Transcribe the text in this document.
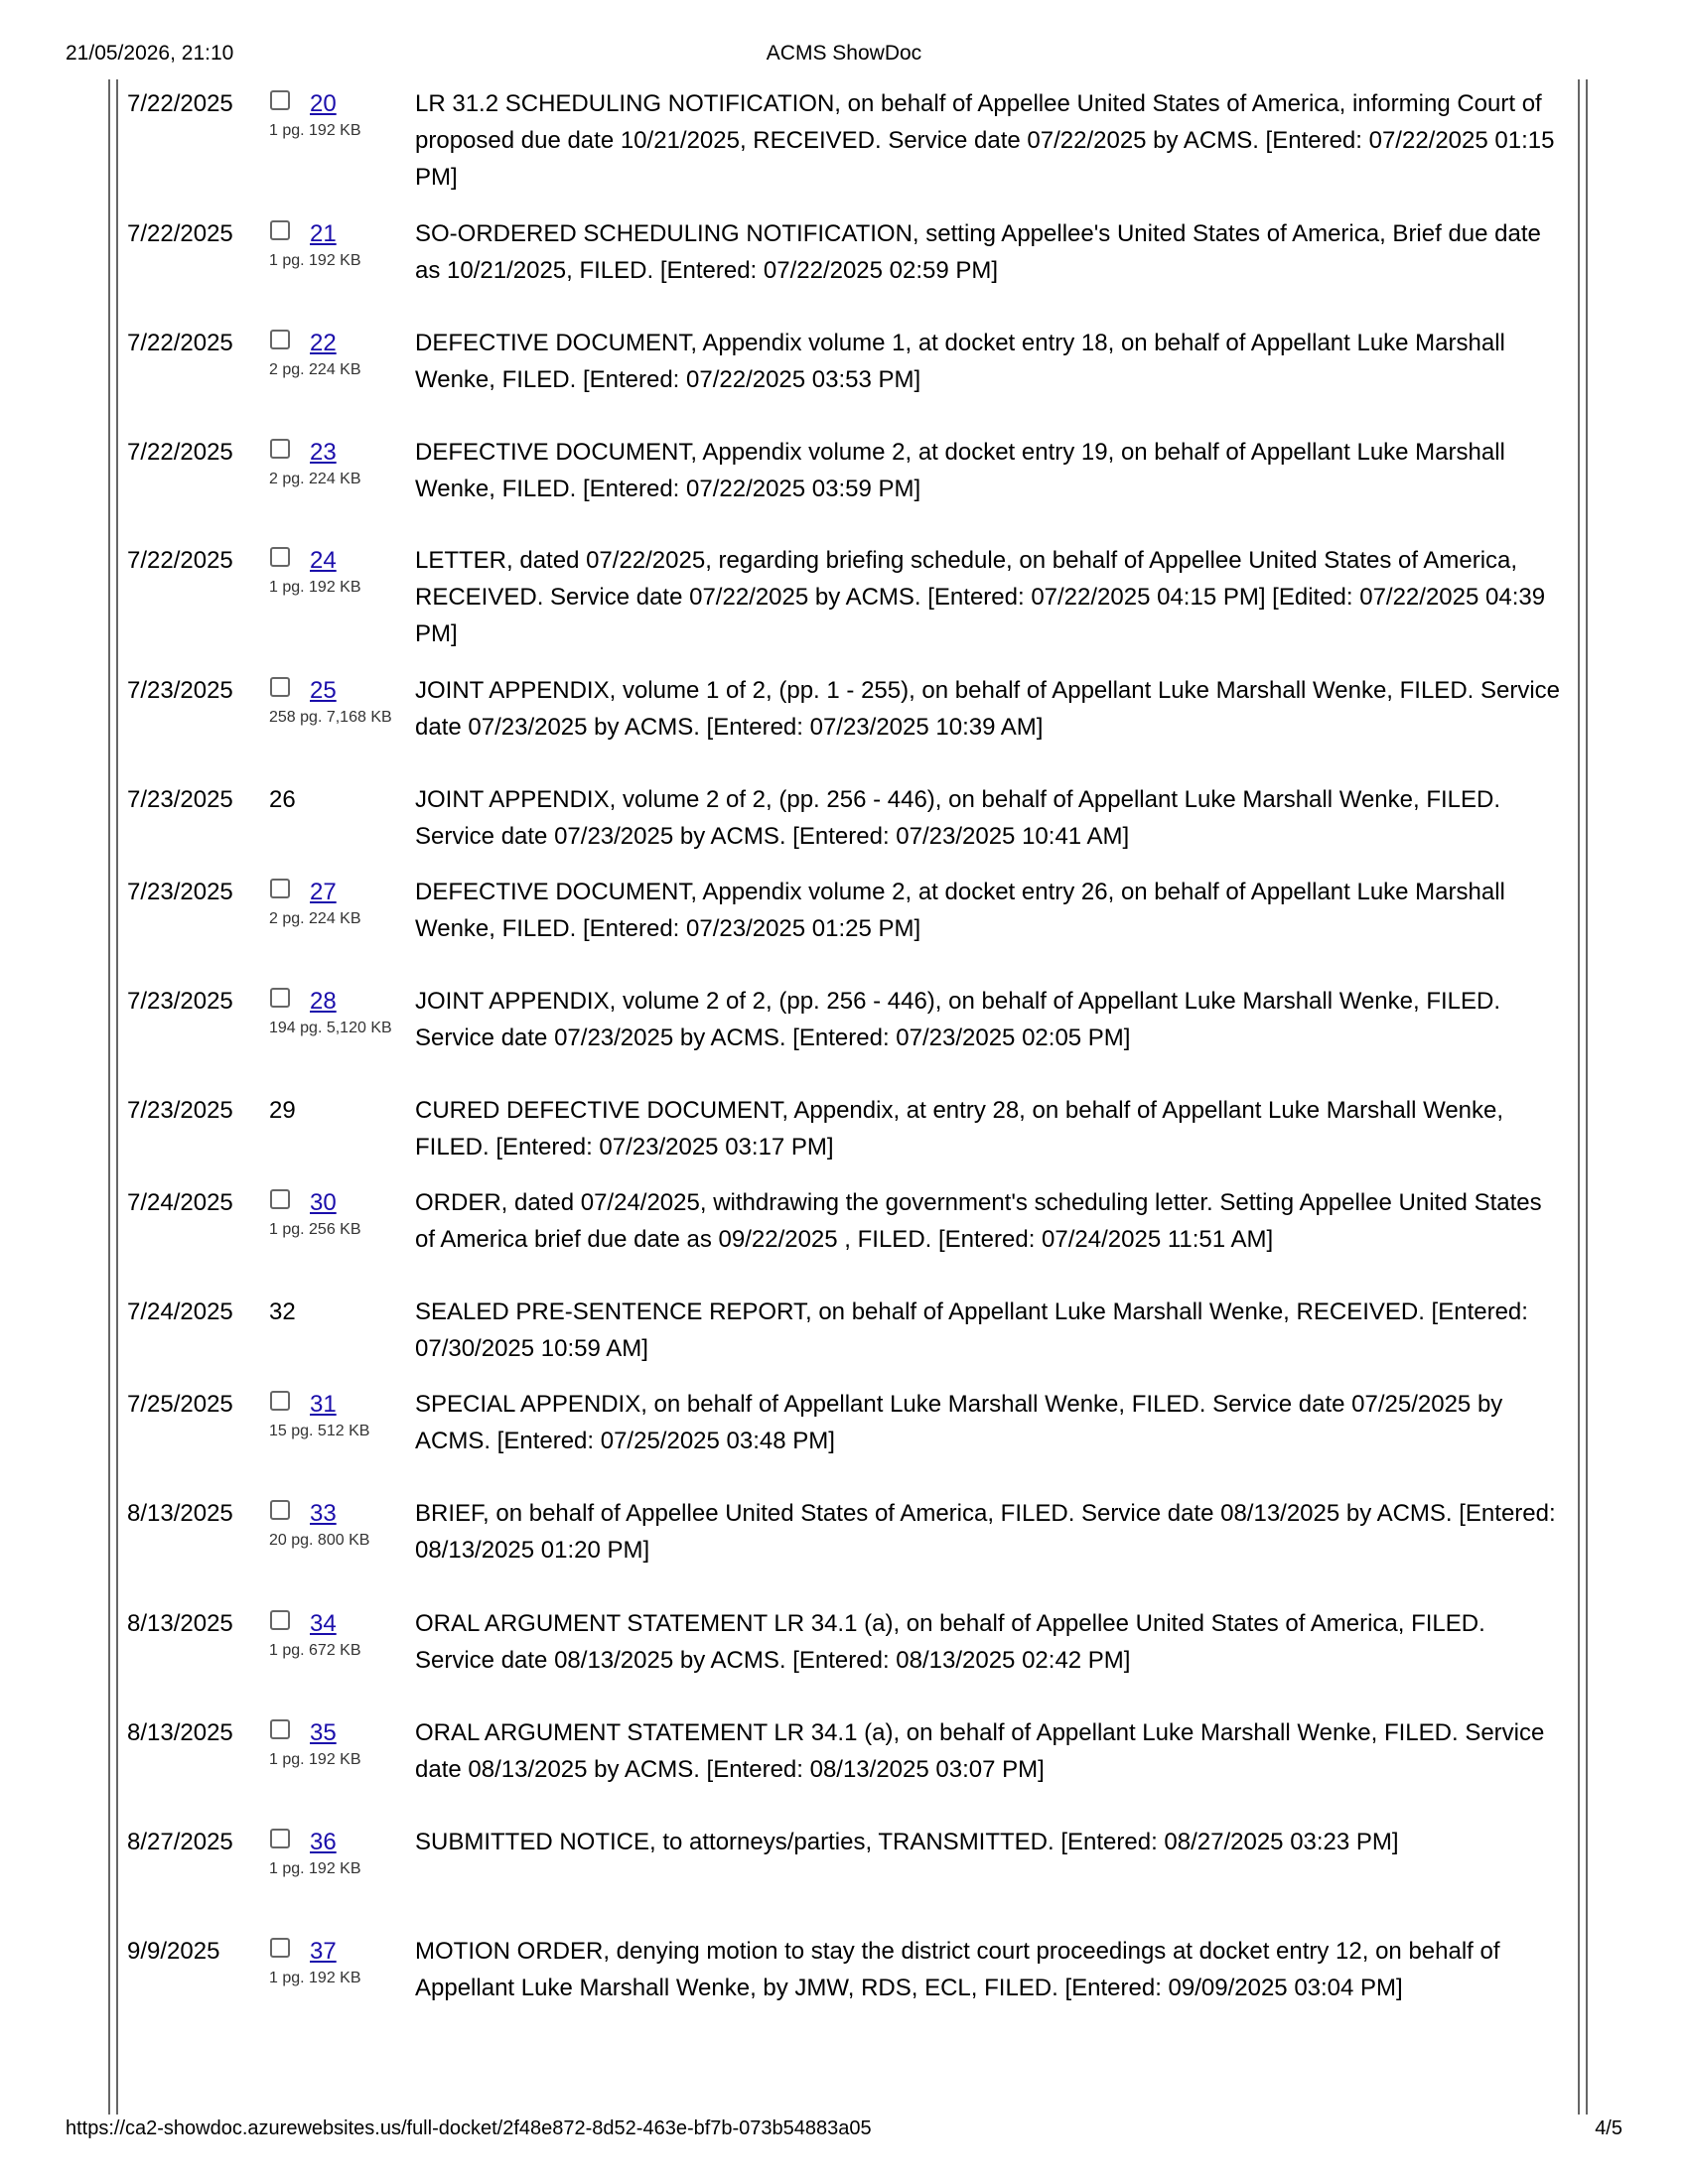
21/05/2026, 21:10	ACMS ShowDoc
7/22/2025	20
1 pg. 192 KB
LR 31.2 SCHEDULING NOTIFICATION, on behalf of Appellee United States of America, informing Court of proposed due date 10/21/2025, RECEIVED. Service date 07/22/2025 by ACMS. [Entered: 07/22/2025 01:15 PM]
7/22/2025	21
1 pg. 192 KB
SO-ORDERED SCHEDULING NOTIFICATION, setting Appellee's United States of America, Brief due date as 10/21/2025, FILED. [Entered: 07/22/2025 02:59 PM]
7/22/2025	22
2 pg. 224 KB
DEFECTIVE DOCUMENT, Appendix volume 1, at docket entry 18, on behalf of Appellant Luke Marshall Wenke, FILED. [Entered: 07/22/2025 03:53 PM]
7/22/2025	23
2 pg. 224 KB
DEFECTIVE DOCUMENT, Appendix volume 2, at docket entry 19, on behalf of Appellant Luke Marshall Wenke, FILED. [Entered: 07/22/2025 03:59 PM]
7/22/2025	24
1 pg. 192 KB
LETTER, dated 07/22/2025, regarding briefing schedule, on behalf of Appellee United States of America, RECEIVED. Service date 07/22/2025 by ACMS. [Entered: 07/22/2025 04:15 PM] [Edited: 07/22/2025 04:39 PM]
7/23/2025	25
258 pg. 7,168 KB
JOINT APPENDIX, volume 1 of 2, (pp. 1 - 255), on behalf of Appellant Luke Marshall Wenke, FILED. Service date 07/23/2025 by ACMS. [Entered: 07/23/2025 10:39 AM]
7/23/2025 26	JOINT APPENDIX, volume 2 of 2, (pp. 256 - 446), on behalf of Appellant Luke Marshall Wenke, FILED. Service date 07/23/2025 by ACMS. [Entered: 07/23/2025 10:41 AM]
7/23/2025	27
2 pg. 224 KB
DEFECTIVE DOCUMENT, Appendix volume 2, at docket entry 26, on behalf of Appellant Luke Marshall Wenke, FILED. [Entered: 07/23/2025 01:25 PM]
7/23/2025	28
194 pg. 5,120 KB
JOINT APPENDIX, volume 2 of 2, (pp. 256 - 446), on behalf of Appellant Luke Marshall Wenke, FILED. Service date 07/23/2025 by ACMS. [Entered: 07/23/2025 02:05 PM]
7/23/2025 29	CURED DEFECTIVE DOCUMENT, Appendix, at entry 28, on behalf of Appellant Luke Marshall Wenke, FILED. [Entered: 07/23/2025 03:17 PM]
7/24/2025	30
1 pg. 256 KB
ORDER, dated 07/24/2025, withdrawing the government's scheduling letter. Setting Appellee United States of America brief due date as 09/22/2025 , FILED. [Entered: 07/24/2025 11:51 AM]
7/24/2025 32	SEALED PRE-SENTENCE REPORT, on behalf of Appellant Luke Marshall Wenke, RECEIVED. [Entered: 07/30/2025 10:59 AM]
7/25/2025	31
15 pg. 512 KB
SPECIAL APPENDIX, on behalf of Appellant Luke Marshall Wenke, FILED. Service date 07/25/2025 by ACMS. [Entered: 07/25/2025 03:48 PM]
8/13/2025	33
20 pg. 800 KB
BRIEF, on behalf of Appellee United States of America, FILED. Service date 08/13/2025 by ACMS. [Entered: 08/13/2025 01:20 PM]
8/13/2025	34
1 pg. 672 KB
ORAL ARGUMENT STATEMENT LR 34.1 (a), on behalf of Appellee United States of America, FILED. Service date 08/13/2025 by ACMS. [Entered: 08/13/2025 02:42 PM]
8/13/2025	35
1 pg. 192 KB
ORAL ARGUMENT STATEMENT LR 34.1 (a), on behalf of Appellant Luke Marshall Wenke, FILED. Service date 08/13/2025 by ACMS. [Entered: 08/13/2025 03:07 PM]
8/27/2025	36
1 pg. 192 KB
SUBMITTED NOTICE, to attorneys/parties, TRANSMITTED. [Entered: 08/27/2025 03:23 PM]
9/9/2025	37
1 pg. 192 KB
MOTION ORDER, denying motion to stay the district court proceedings at docket entry 12, on behalf of Appellant Luke Marshall Wenke, by JMW, RDS, ECL, FILED. [Entered: 09/09/2025 03:04 PM]
https://ca2-showdoc.azurewebsites.us/full-docket/2f48e872-8d52-463e-bf7b-073b54883a05	4/5
